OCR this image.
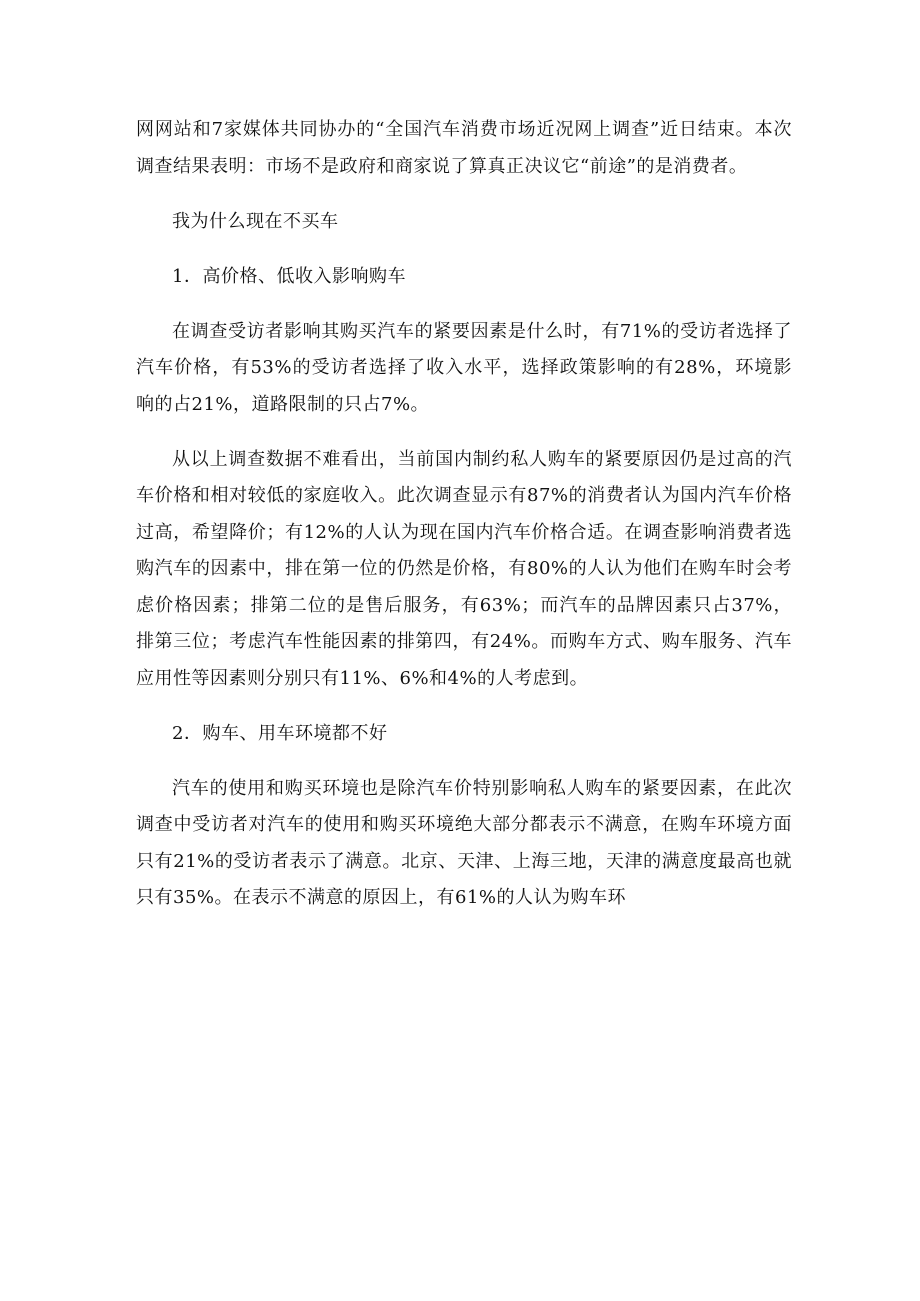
网网站和7家媒体共同协办的“全国汽车消费市场近况网上调查”近日结束。本次调查结果表明：市场不是政府和商家说了算真正决议它“前途”的是消费者。

我为什么现在不买车

1．高价格、低收入影响购车

在调查受访者影响其购买汽车的紧要因素是什么时，有71%的受访者选择了汽车价格，有53%的受访者选择了收入水平，选择政策影响的有28%，环境影响的占21%，道路限制的只占7%。

从以上调查数据不难看出，当前国内制约私人购车的紧要原因仍是过高的汽车价格和相对较低的家庭收入。此次调查显示有87%的消费者认为国内汽车价格过高，希望降价；有12%的人认为现在国内汽车价格合适。在调查影响消费者选购汽车的因素中，排在第一位的仍然是价格，有80%的人认为他们在购车时会考虑价格因素；排第二位的是售后服务，有63%；而汽车的品牌因素只占37%，排第三位；考虑汽车性能因素的排第四，有24%。而购车方式、购车服务、汽车应用性等因素则分别只有11%、6%和4%的人考虑到。

2．购车、用车环境都不好

汽车的使用和购买环境也是除汽车价特别影响私人购车的紧要因素，在此次调查中受访者对汽车的使用和购买环境绝大部分都表示不满意，在购车环境方面只有21%的受访者表示了满意。北京、天津、上海三地，天津的满意度最高也就只有35%。在表示不满意的原因上，有61%的人认为购车环
